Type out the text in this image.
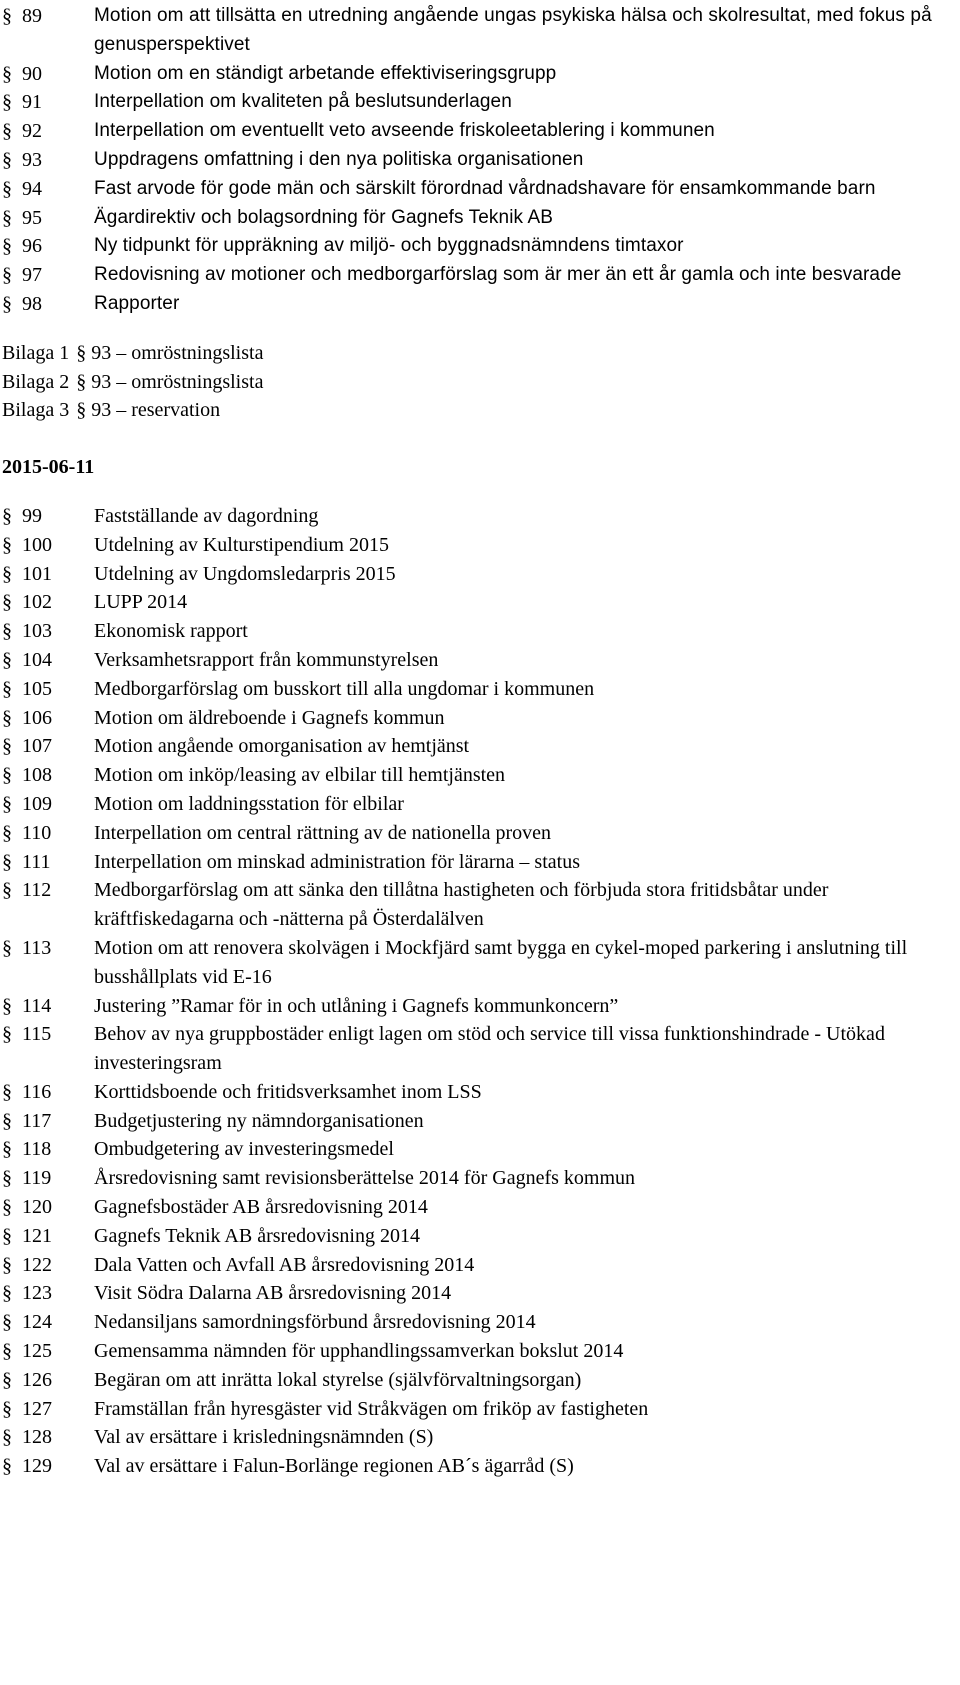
§ 89	Motion om att tillsätta en utredning angående ungas psykiska hälsa och skolresultat, med fokus på genusperspektivet
§ 90	Motion om en ständigt arbetande effektiviseringsgrupp
§ 91	Interpellation om kvaliteten på beslutsunderlagen
§ 92	Interpellation om eventuellt veto avseende friskoleetablering i kommunen
§ 93	Uppdragens omfattning i den nya politiska organisationen
§ 94	Fast arvode för gode män och särskilt förordnad vårdnadshavare för ensamkommande barn
§ 95	Ägardirektiv och bolagsordning för Gagnefs Teknik AB
§ 96	Ny tidpunkt för uppräkning av miljö- och byggnadsnämndens timtaxor
§ 97	Redovisning av motioner och medborgarförslag som är mer än ett år gamla och inte besvarade
§ 98	Rapporter
Bilaga 1 § 93 – omröstningslista
Bilaga 2 § 93 – omröstningslista
Bilaga 3 § 93 – reservation
2015-06-11
§ 99	Fastställande av dagordning
§ 100	Utdelning av Kulturstipendium 2015
§ 101	Utdelning av Ungdomsledarpris 2015
§ 102	LUPP 2014
§ 103	Ekonomisk rapport
§ 104	Verksamhetsrapport från kommunstyrelsen
§ 105	Medborgarförslag om busskort till alla ungdomar i kommunen
§ 106	Motion om äldreboende i Gagnefs kommun
§ 107	Motion angående omorganisation av hemtjänst
§ 108	Motion om inköp/leasing av elbilar till hemtjänsten
§ 109	Motion om laddningsstation för elbilar
§ 110	Interpellation om central rättning av de nationella proven
§ 111	Interpellation om minskad administration för lärarna – status
§ 112	Medborgarförslag om att sänka den tillåtna hastigheten och förbjuda stora fritidsbåtar under kräftfiskedagarna och -nätterna på Österdalälven
§ 113	Motion om att renovera skolvägen i Mockfjärd samt bygga en cykel-moped parkering i anslutning till busshållplats vid E-16
§ 114	Justering ”Ramar för in och utlåning i Gagnefs kommunkoncern”
§ 115	Behov av nya gruppbostäder enligt lagen om stöd och service till vissa funktionshindrade - Utökad investeringsram
§ 116	Korttidsboende och fritidsverksamhet inom LSS
§ 117	Budgetjustering ny nämndorganisationen
§ 118	Ombudgetering av investeringsmedel
§ 119	Årsredovisning samt revisionsberättelse 2014 för Gagnefs kommun
§ 120	Gagnefsbostäder AB årsredovisning 2014
§ 121	Gagnefs Teknik AB årsredovisning 2014
§ 122	Dala Vatten och Avfall AB årsredovisning 2014
§ 123	Visit Södra Dalarna AB årsredovisning 2014
§ 124	Nedansiljans samordningsförbund årsredovisning 2014
§ 125	Gemensamma nämnden för upphandlingssamverkan bokslut 2014
§ 126	Begäran om att inrätta lokal styrelse (självförvaltningsorgan)
§ 127	Framställan från hyresgäster vid Stråkvägen om friköp av fastigheten
§ 128	Val av ersättare i krisledningsnämnden (S)
§ 129	Val av ersättare i Falun-Borlänge regionen AB´s ägarråd (S)
